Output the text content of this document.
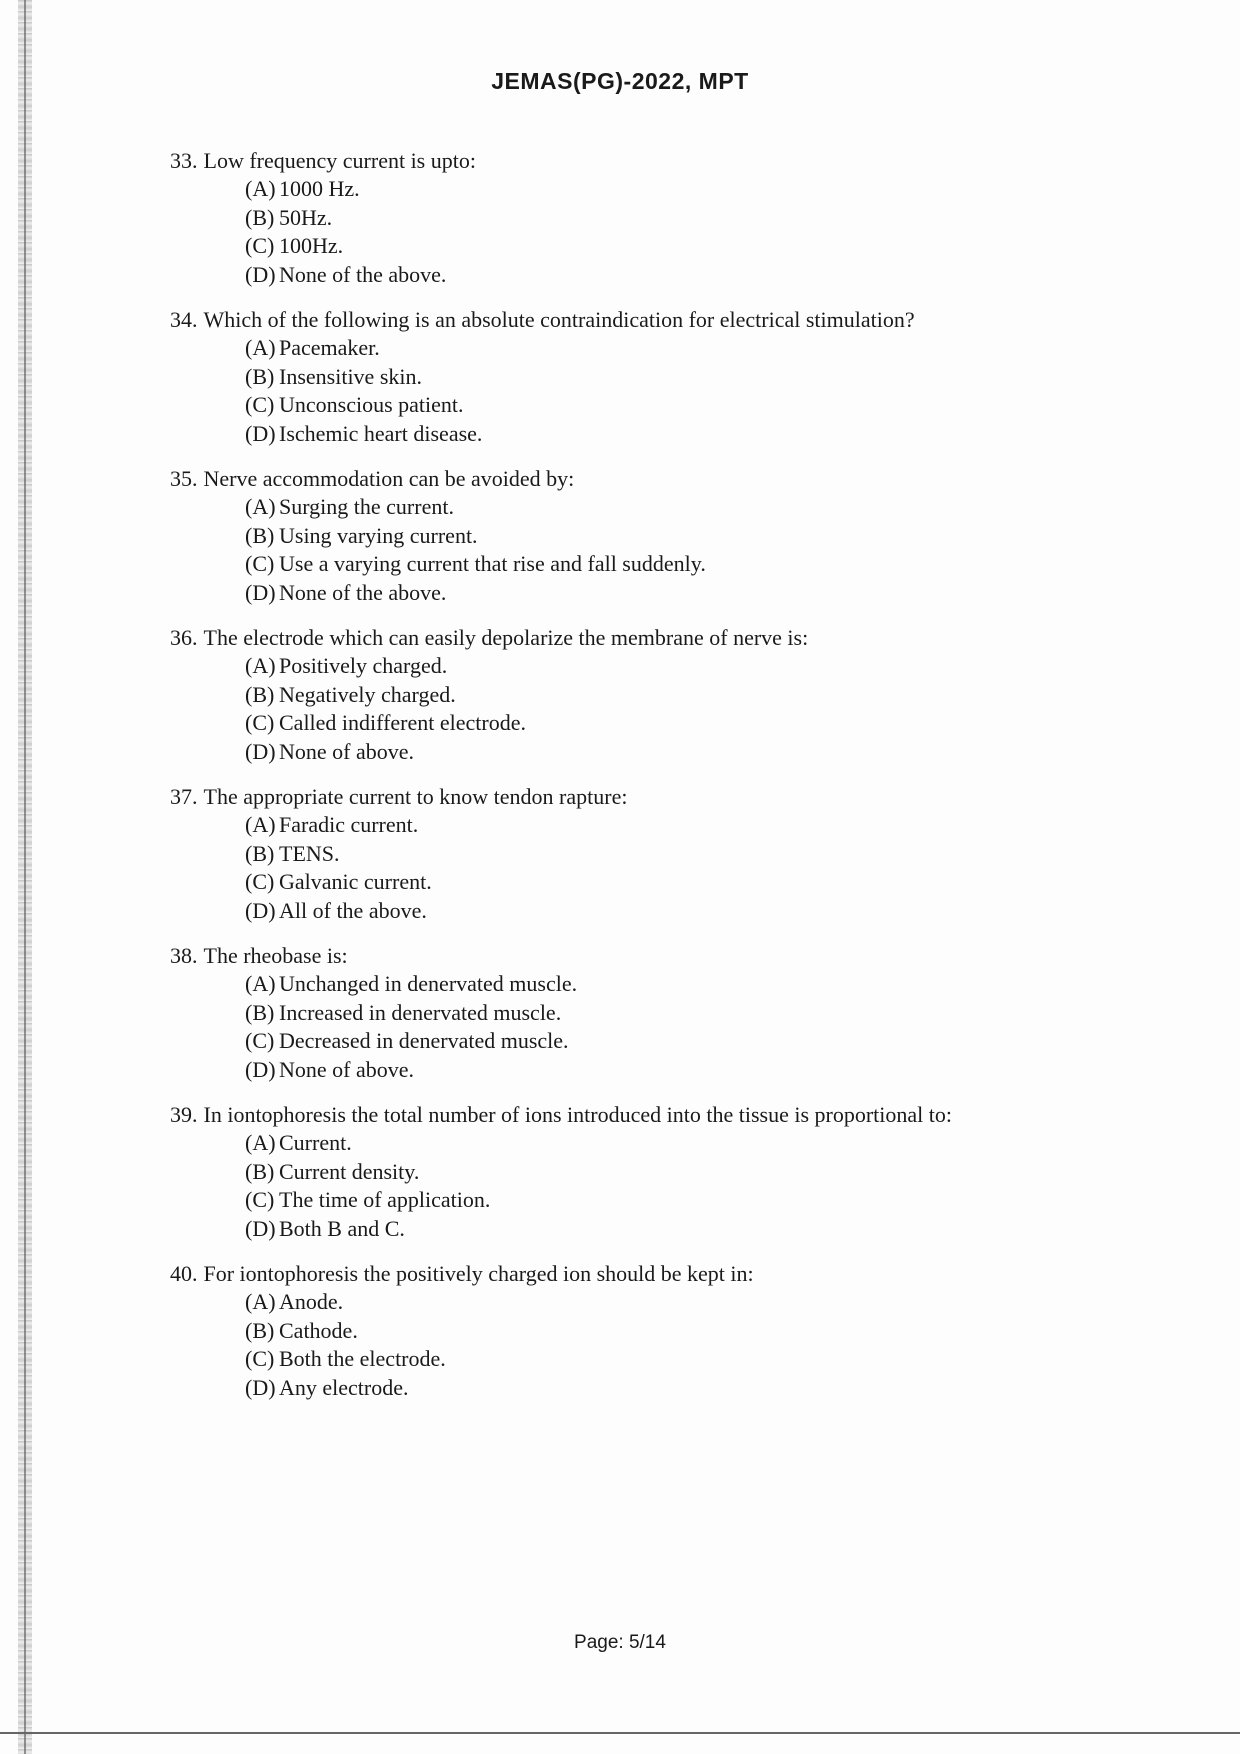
JEMAS(PG)-2022, MPT

33. Low frequency current is upto:

(A) 1000 Hz.
(B) 50Hz.
(C) 100Hz.
(D) None of the above.

34. Which of the following is an absolute contraindication for electrical stimulation?

(A) Pacemaker.
(B) Insensitive skin.
(C) Unconscious patient.
(D) Ischemic heart disease.

35. Nerve accommodation can be avoided by:

(A) Surging the current.
(B) Using varying current.
(C) Use a varying current that rise and fall suddenly.
(D) None of the above.

36. The electrode which can easily depolarize the membrane of nerve is:

(A) Positively charged.
(B) Negatively charged.
(C) Called indifferent electrode.
(D) None of above.

37. The appropriate current to know tendon rapture:

(A) Faradic current.
(B) TENS.
(C) Galvanic current.
(D) All of the above.

38. The rheobase is:

(A) Unchanged in denervated muscle.
(B) Increased in denervated muscle.
(C) Decreased in denervated muscle.
(D) None of above.

39. In iontophoresis the total number of ions introduced into the tissue is proportional to:

(A) Current.
(B) Current density.
(C) The time of application.
(D) Both B and C.

40. For iontophoresis the positively charged ion should be kept in:

(A) Anode.
(B) Cathode.
(C) Both the electrode.
(D) Any electrode.
Page: 5/14
